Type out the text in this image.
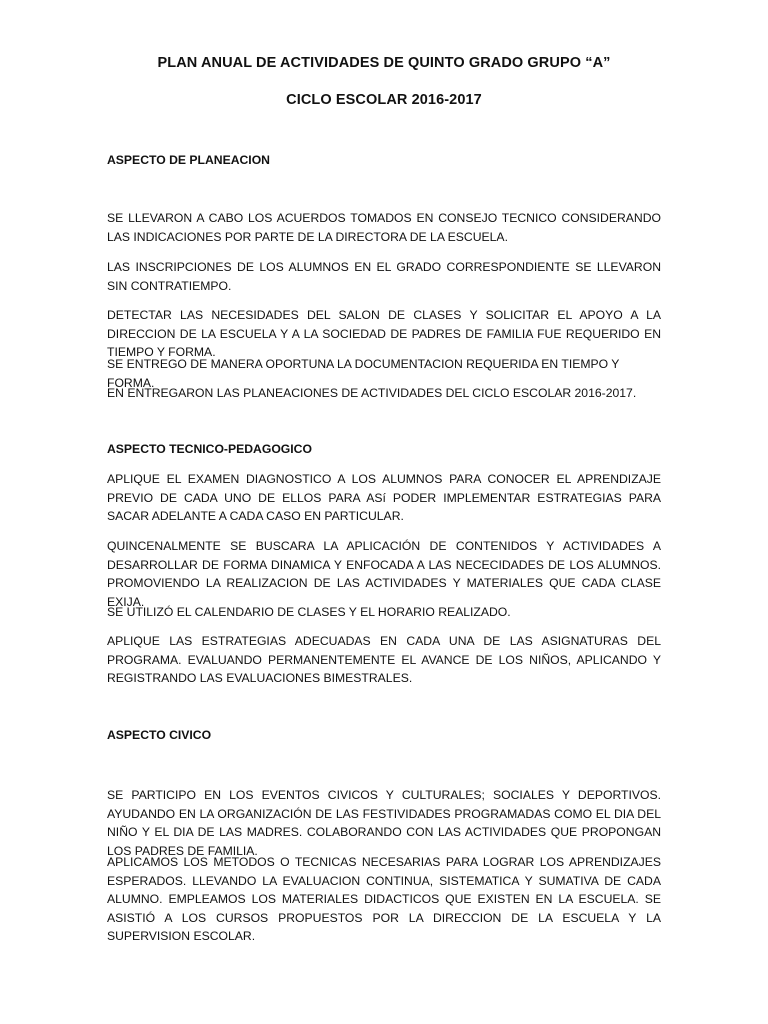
PLAN ANUAL DE ACTIVIDADES DE QUINTO GRADO GRUPO “A”
CICLO ESCOLAR 2016-2017
ASPECTO DE PLANEACION
SE LLEVARON A CABO LOS ACUERDOS TOMADOS EN CONSEJO TECNICO CONSIDERANDO LAS INDICACIONES POR PARTE DE LA DIRECTORA DE LA ESCUELA.
LAS INSCRIPCIONES DE LOS ALUMNOS EN EL GRADO CORRESPONDIENTE SE LLEVARON SIN CONTRATIEMPO.
DETECTAR LAS NECESIDADES DEL SALON DE CLASES Y SOLICITAR EL APOYO A LA DIRECCION DE LA ESCUELA Y A LA SOCIEDAD DE PADRES DE FAMILIA FUE REQUERIDO EN TIEMPO Y FORMA.
SE ENTREGO DE MANERA OPORTUNA LA DOCUMENTACION REQUERIDA EN TIEMPO Y FORMA.
EN ENTREGARON LAS PLANEACIONES DE ACTIVIDADES DEL CICLO ESCOLAR 2016-2017.
ASPECTO TECNICO-PEDAGOGICO
APLIQUE EL EXAMEN DIAGNOSTICO A LOS ALUMNOS PARA CONOCER EL APRENDIZAJE PREVIO DE CADA UNO DE ELLOS PARA ASí PODER IMPLEMENTAR ESTRATEGIAS PARA SACAR ADELANTE A CADA CASO EN PARTICULAR.
QUINCENALMENTE SE BUSCARA LA APLICACIÓN DE CONTENIDOS Y ACTIVIDADES A DESARROLLAR DE FORMA DINAMICA Y ENFOCADA A LAS NECECIDADES DE LOS ALUMNOS. PROMOVIENDO LA REALIZACION DE LAS ACTIVIDADES Y MATERIALES QUE CADA CLASE EXIJA.
SE UTILIZÓ EL CALENDARIO DE CLASES Y EL HORARIO REALIZADO.
APLIQUE LAS ESTRATEGIAS ADECUADAS EN CADA UNA DE LAS ASIGNATURAS DEL PROGRAMA. EVALUANDO PERMANENTEMENTE EL AVANCE DE LOS NIÑOS, APLICANDO Y REGISTRANDO LAS EVALUACIONES BIMESTRALES.
ASPECTO CIVICO
SE PARTICIPO EN LOS EVENTOS CIVICOS Y CULTURALES; SOCIALES Y DEPORTIVOS. AYUDANDO EN LA ORGANIZACIÓN DE LAS FESTIVIDADES PROGRAMADAS COMO EL DIA DEL NIÑO Y EL DIA DE LAS MADRES. COLABORANDO CON LAS ACTIVIDADES QUE PROPONGAN LOS PADRES DE FAMILIA.
APLICAMOS LOS METODOS O TECNICAS NECESARIAS PARA LOGRAR LOS APRENDIZAJES ESPERADOS. LLEVANDO LA EVALUACION CONTINUA, SISTEMATICA Y SUMATIVA DE CADA ALUMNO. EMPLEAMOS LOS MATERIALES DIDACTICOS QUE EXISTEN EN LA ESCUELA. SE ASISTIÓ A LOS CURSOS PROPUESTOS POR LA DIRECCION DE LA ESCUELA Y LA SUPERVISION ESCOLAR.
